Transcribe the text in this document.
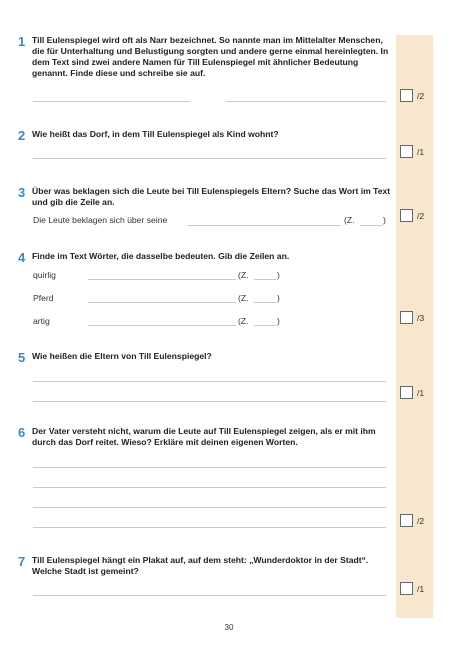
1 Till Eulenspiegel wird oft als Narr bezeichnet. So nannte man im Mittelalter Menschen, die für Unterhaltung und Belustigung sorgten und andere gerne einmal hereinlegten. In dem Text sind zwei andere Namen für Till Eulenspiegel mit ähnlicher Bedeutung genannt. Finde diese und schreibe sie auf.

/2
2 Wie heißt das Dorf, in dem Till Eulenspiegel als Kind wohnt?

/1
3 Über was beklagen sich die Leute bei Till Eulenspiegels Eltern? Suche das Wort im Text und gib die Zeile an.

Die Leute beklagen sich über seine	(Z.	)	/2
4 Finde im Text Wörter, die dasselbe bedeuten. Gib die Zeilen an.

quirlig	(Z.	)
Pferd	(Z.	)
artig	(Z.	)	/3
5 Wie heißen die Eltern von Till Eulenspiegel?

/1
6 Der Vater versteht nicht, warum die Leute auf Till Eulenspiegel zeigen, als er mit ihm durch das Dorf reitet. Wieso? Erkläre mit deinen eigenen Worten.

/2
7 Till Eulenspiegel hängt ein Plakat auf, auf dem steht: „Wunderdoktor in der Stadt“. Welche Stadt ist gemeint?

/1
30
